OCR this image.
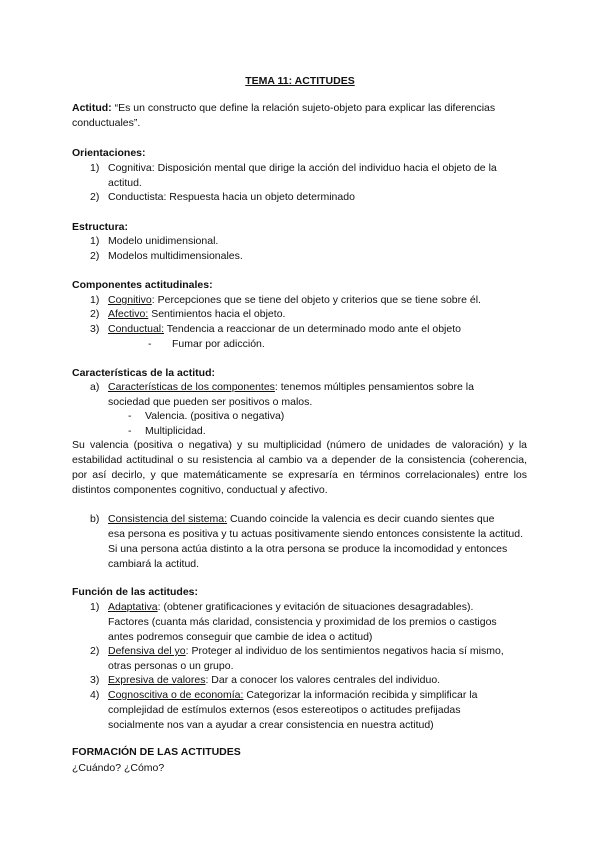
TEMA 11: ACTITUDES
Actitud: “Es un constructo que define la relación sujeto-objeto para explicar las diferencias
conductuales”.
Orientaciones:
1) Cognitiva: Disposición mental que dirige la acción del individuo hacia el objeto de la
actitud.
2) Conductista: Respuesta hacia un objeto determinado
Estructura:
1) Modelo unidimensional.
2) Modelos multidimensionales.
Componentes actitudinales:
1) Cognitivo: Percepciones que se tiene del objeto y criterios que se tiene sobre él.
2) Afectivo: Sentimientos hacia el objeto.
3) Conductual: Tendencia a reaccionar de un determinado modo ante el objeto
- Fumar por adicción.
Características de la actitud:
a) Características de los componentes: tenemos múltiples pensamientos sobre la
sociedad que pueden ser positivos o malos.
- Valencia. (positiva o negativa)
- Multiplicidad.
Su valencia (positiva o negativa) y su multiplicidad (número de unidades de valoración) y la estabilidad actitudinal o su resistencia al cambio va a depender de la consistencia (coherencia, por así decirlo, y que matemáticamente se expresaría en términos correlacionales) entre los distintos componentes cognitivo, conductual y afectivo.
b) Consistencia del sistema: Cuando coincide la valencia es decir cuando sientes que
esa persona es positiva y tu actuas positivamente siendo entonces consistente la actitud. Si una persona actúa distinto a la otra persona se produce la incomodidad y entonces cambiará la actitud.
Función de las actitudes:
1) Adaptativa: (obtener gratificaciones y evitación de situaciones desagradables).
Factores (cuanta más claridad, consistencia y proximidad de los premios o castigos antes podremos conseguir que cambie de idea o actitud)
2) Defensiva del yo: Proteger al individuo de los sentimientos negativos hacia sí mismo,
otras personas o un grupo.
3) Expresiva de valores: Dar a conocer los valores centrales del individuo.
4) Cognoscitiva o de economía: Categorizar la información recibida y simplificar la
complejidad de estímulos externos (esos estereotipos o actitudes prefijadas socialmente nos van a ayudar a crear consistencia en nuestra actitud)
FORMACIÓN DE LAS ACTITUDES
¿Cuándo? ¿Cómo?
